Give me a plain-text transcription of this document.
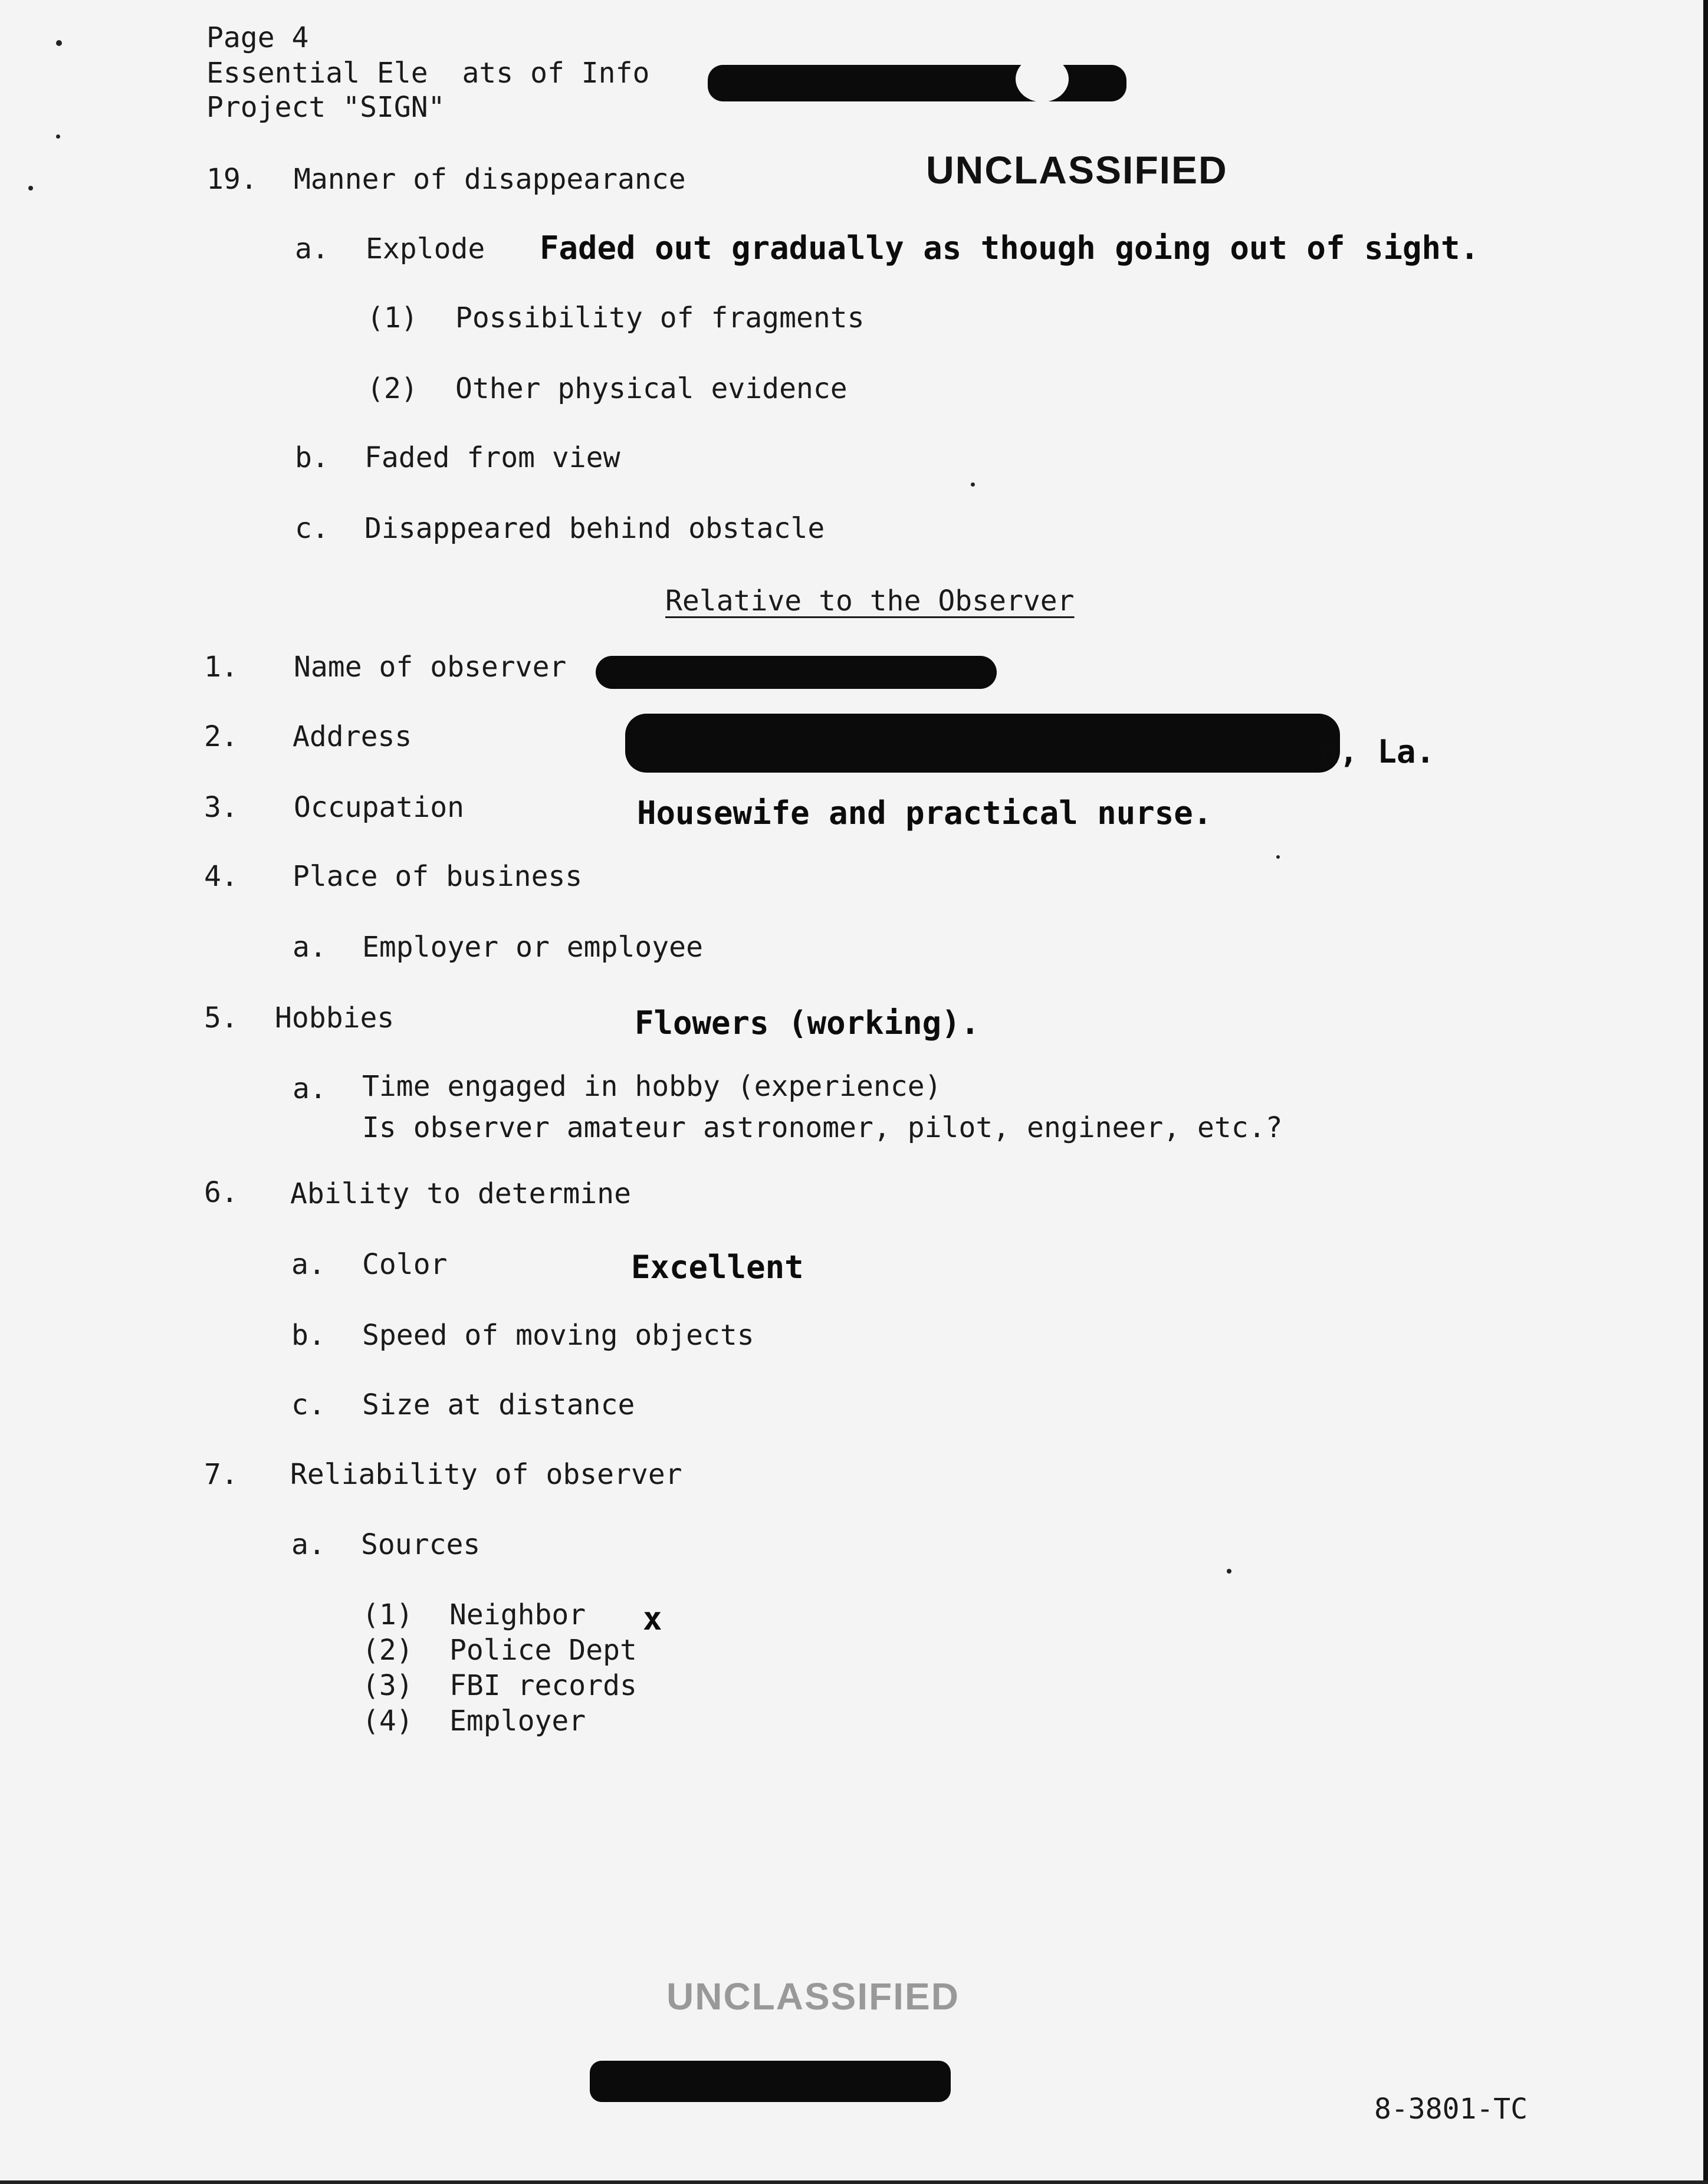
Page 4
Essential Ele  ats of Info
Project "SIGN"
19. Manner of disappearance	UNCLASSIFIED
a. Explode Faded out gradually as though going out of sight.
(1) Possibility of fragments
(2) Other physical evidence
b. Faded from view
c. Disappeared behind obstacle
Relative to the Observer
1. Name of observer
2. Address	a, La.
3. Occupation	Housewife and practical nurse.
4. Place of business
a. Employer or employee
5. Hobbies	Flowers (working).
a. Time engaged in hobby (experience)
Is observer amateur astronomer, pilot, engineer, etc.?
6. Ability to determine
a. Color	Excellent
b. Speed of moving objects
c. Size at distance
7. Reliability of observer
a. Sources
(1) Neighbor x
(2) Police Dept
(3) FBI records
(4) Employer
UNCLASSIFIED
8-3801-TC
